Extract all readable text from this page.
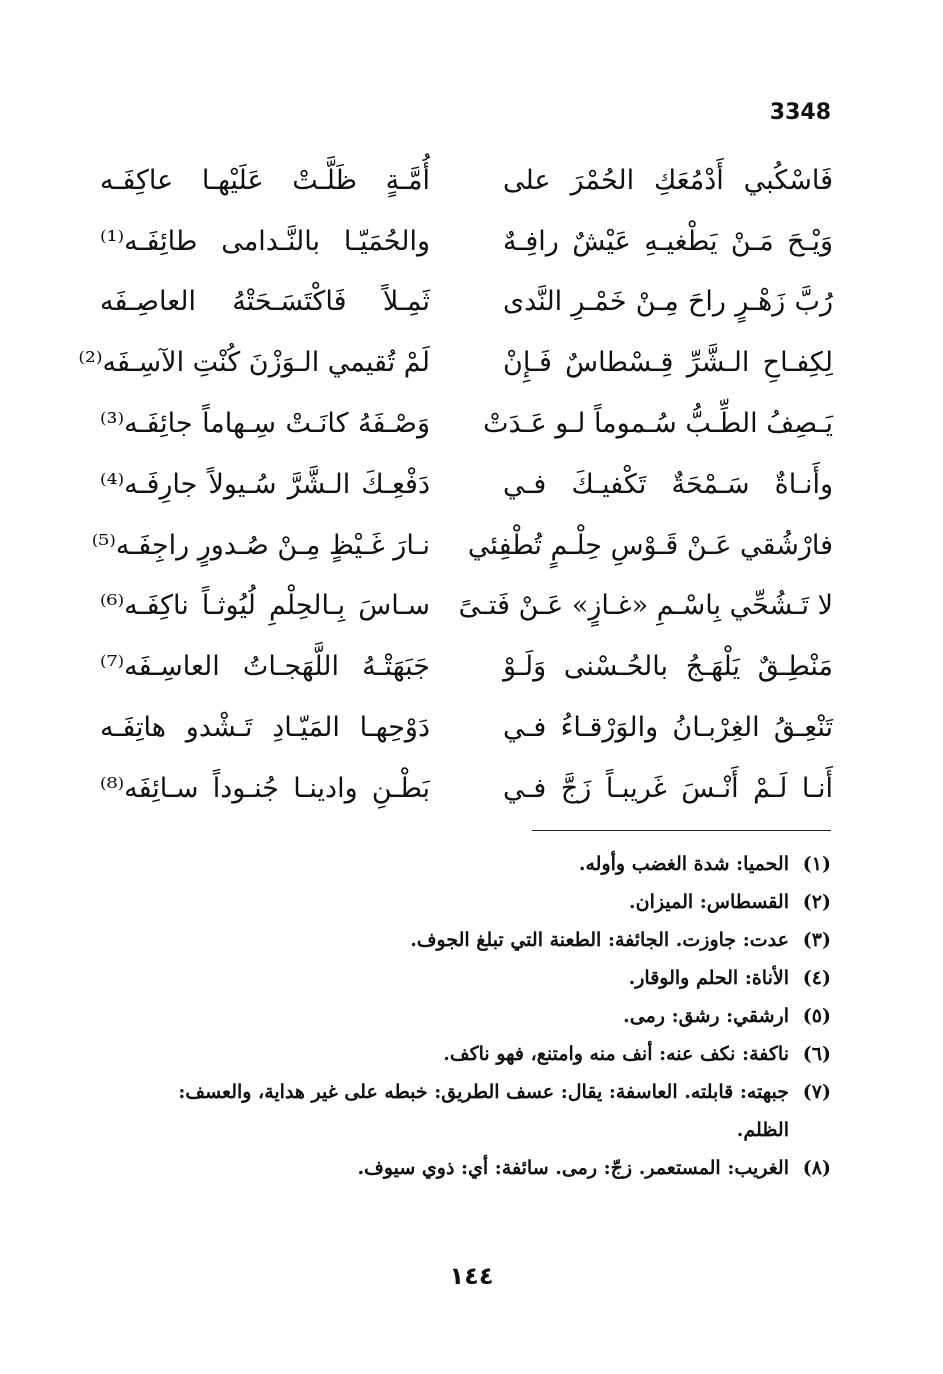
3348
فَاسْكُبي أَدْمُعَكِ الحُمْرَ على
أُمَّـةٍ ظَلَّـتْ عَلَيْهـا عاكِفَـه
وَيْـحَ مَـنْ يَطْغيـهِ عَيْشٌ رافِـهٌ
والحُمَيّـا بالنَّـدامى طائِفَـه⁽¹⁾
رُبَّ زَهْـرٍ راحَ مِـنْ خَمْـرِ النَّدى
ثَمِـلاً فَاكْتَسَـحَتْهُ العاصِـفَه
لِكِفـاحِ الـشَّرِّ قِـسْطاسٌ فَـإِنْ
لَمْ تُقيمي الـوَزْنَ كُنْتِ الآسِـفَه⁽²⁾
يَـصِفُ الطِّـبُّ سُـموماً لـو عَـدَتْ
وَصْـفَهُ كانَـتْ سِـهاماً جائِفَـه⁽³⁾
وأَنـاةٌ سَـمْحَةٌ تَكْفيـكَ فـي
دَفْعِـكَ الـشَّرَّ سُـيولاً جارِفَـه⁽⁴⁾
فارْشُقي عَـنْ قَـوْسِ حِلْـمٍ تُطْفِئي
نـارَ غَـيْظٍ مِـنْ صُـدورٍ راجِفَـه⁽⁵⁾
لا تَـشُحِّي بِاسْـمِ «غـازٍ» عَـنْ فَتـىً
سـاسَ بِـالحِلْمِ لُيُوثـاً ناكِفَـه⁽⁶⁾
مَنْطِـقٌ يَلْهَـجُ بالحُـسْنى وَلَـوْ
جَبَهَتْـهُ اللَّهَجـاتُ العاسِـفَه⁽⁷⁾
تَنْعِـقُ الغِرْبـانُ والوَرْقـاءُ فـي
دَوْحِهـا المَيّـادِ تَـشْدو هاتِفَـه
أَنـا لَـمْ أَنْـسَ غَريبـاً زَجَّ فـي
بَطْـنِ وادينـا جُنـوداً سـائِفَه⁽⁸⁾
(١)
الحميا: شدة الغضب وأوله.
(٢)
القسطاس: الميزان.
(٣)
عدت: جاوزت. الجائفة: الطعنة التي تبلغ الجوف.
(٤)
الأناة: الحلم والوقار.
(٥)
ارشقي: رشق: رمى.
(٦)
ناكفة: نكف عنه: أنف منه وامتنع، فهو ناكف.
(٧)
جبهته: قابلته. العاسفة: يقال: عسف الطريق: خبطه على غير هداية، والعسف: الظلم.
(٨)
الغريب: المستعمر. زجّ: رمى. سائفة: أي: ذوي سيوف.
١٤٤
